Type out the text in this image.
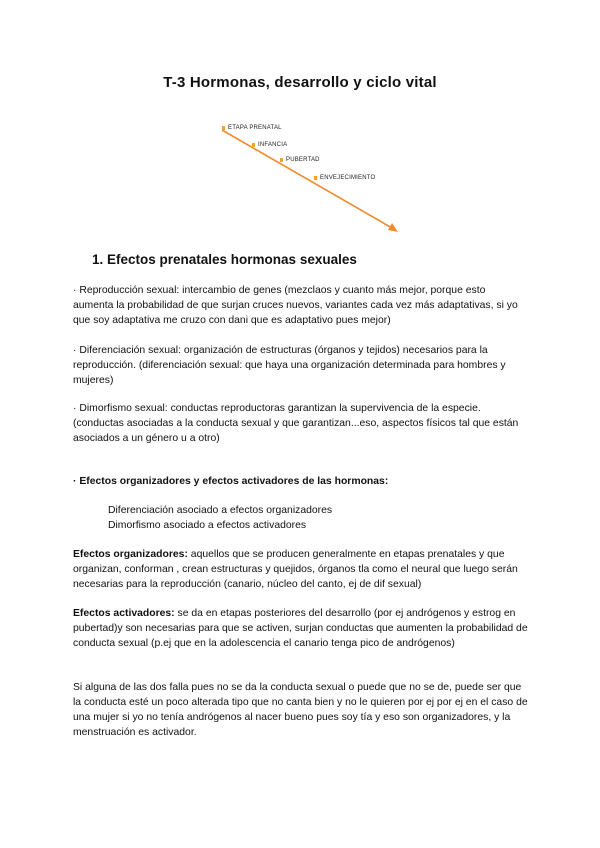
T-3 Hormonas, desarrollo y ciclo vital
ETAPA PRENATAL
INFANCIA
PUBERTAD
ENVEJECIMIENTO
1. Efectos prenatales hormonas sexuales
· Reproducción sexual: intercambio de genes (mezclaos y cuanto más mejor, porque esto aumenta la probabilidad de que surjan cruces nuevos, variantes cada vez más adaptativas, si yo que soy adaptativa me cruzo con dani que es adaptativo pues mejor)
· Diferenciación sexual: organización de estructuras (órganos y tejidos) necesarios para la reproducción. (diferenciación sexual: que haya una organización determinada para hombres y mujeres)
· Dimorfismo sexual: conductas reproductoras garantizan la supervivencia de la especie. (conductas asociadas a la conducta sexual y que garantizan...eso, aspectos físicos tal que están asociados a un género u a otro)
· Efectos organizadores y efectos activadores de las hormonas:
Diferenciación asociado a efectos organizadores
Dimorfismo asociado a efectos activadores
Efectos organizadores: aquellos que se producen generalmente en etapas prenatales y que organizan, conforman , crean estructuras y quejidos, órganos tla como el neural que luego serán necesarias para la reproducción (canario, núcleo del canto, ej de dif sexual)
Efectos activadores: se da en etapas posteriores del desarrollo (por ej andrógenos y estrog en pubertad)y son necesarias para que se activen, surjan conductas que aumenten la probabilidad de conducta sexual (p.ej que en la adolescencia el canario tenga pico de andrógenos)
Si alguna de las dos falla pues no se da la conducta sexual o puede que no se de, puede ser que la conducta esté un poco alterada tipo que no canta bien y no le quieren por ej por ej en el caso de una mujer si yo no tenía andrógenos al nacer bueno pues soy tía y eso son organizadores, y la menstruación es activador.
